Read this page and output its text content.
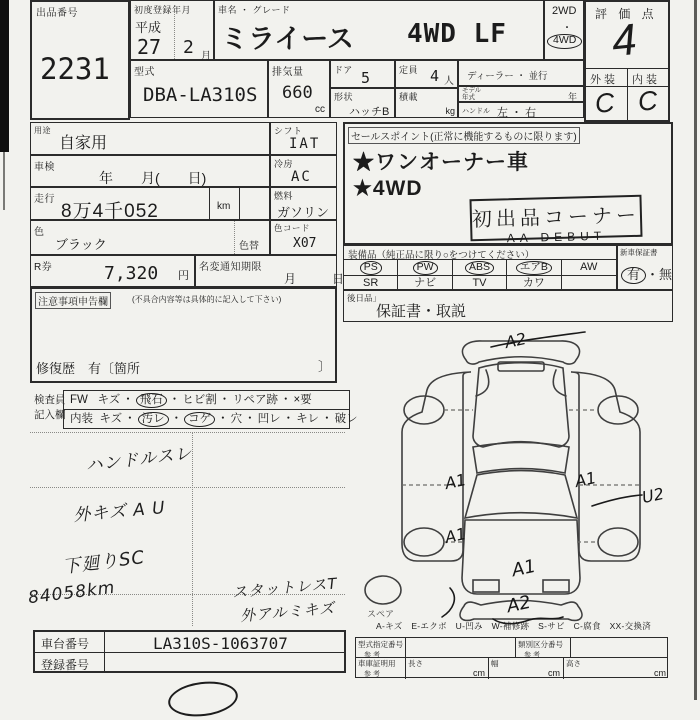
出品番号
2231
初度登録年月
平成
27 2 月
車名 ・ グレード
ミライース 4WD LF
2WD
・
4WD
評 価 点
4
外 装 内 装
C C
型式
DBA-LA310S
排気量
660
cc
ドア 5	定員 4 人
形状
ハッチB
積載
kg
ディーラー ・ 並行
モデル
年式	年
ハンドル 左 ・ 右
用途
自家用
シフト
IAT
車検
年　　月(　　日)
冷房
AC
走行
8万4千052	km
燃料
ガソリン
色
ブラック	色替
色コード
X07
R券	7,320 円
名変通知期限
月　　　日
注意事項申告欄	(不具合内容等は具体的に記入して下さい)
修復歴　有〔箇所	〕
セールスポイント(正常に機能するものに限ります)
★ワンオーナー車
★4WD
初出品コーナー
AA DEBUT
装備品（純正品に限り○をつけてください）
PS	PW	ABS	エアB	AW
SR	ナビ	TV	カワ
新車保証書
有 ・無
後日品」
保証書・取説
検査員
記入欄
FW キズ ・ 飛石 ・ ヒビ割 ・ リペア跡 ・ ×要
内装 キズ ・ 汚レ ・ コゲ ・ 穴 ・ 凹レ ・ キレ ・ 破レ
ハンドルスレ
外キズ A U
下廻りSC
84058km	スタットレスT
外アルミキズ	スペア
A2
A1	A1
U2
A1
A1
A2
A-キズ　E-エクボ　U-凹み　W-補修跡　S-サビ　C-腐食　XX-交換済
車台番号	LA310S-1063707
登録番号
型式指定番号
参 考
類別区分番号
参 考
車庫証明用
参 考
長さ
cm
幅
cm
高さ
cm
